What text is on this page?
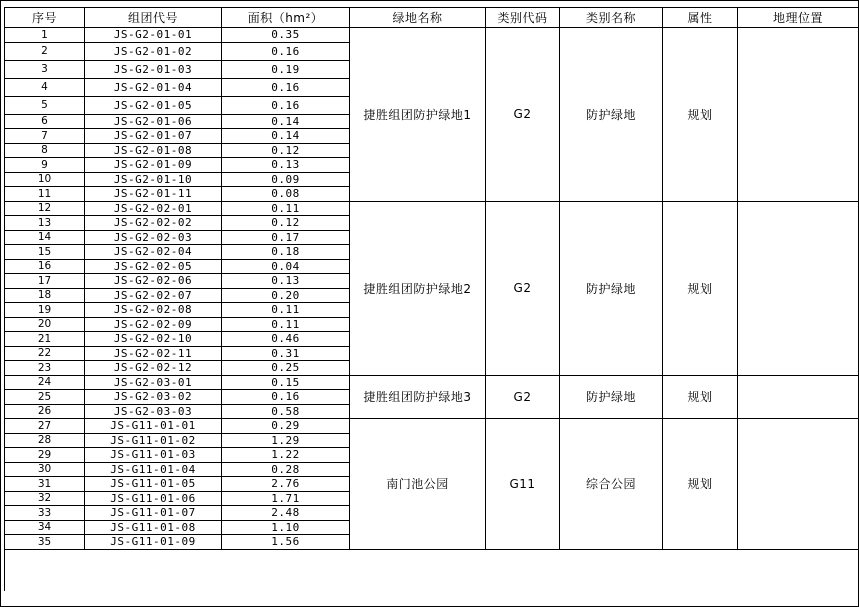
序号	组团代号	面积（hm²）	绿地名称	类别代码	类别名称	属性	地理位置
1	JS-G2-01-01	0.35	捷胜组团防护绿地1	G2	防护绿地	规划	
2	JS-G2-01-02	0.16					
3	JS-G2-01-03	0.19					
4	JS-G2-01-04	0.16					
5	JS-G2-01-05	0.16					
6	JS-G2-01-06	0.14					
7	JS-G2-01-07	0.14					
8	JS-G2-01-08	0.12					
9	JS-G2-01-09	0.13					
10	JS-G2-01-10	0.09					
11	JS-G2-01-11	0.08					
12	JS-G2-02-01	0.11	捷胜组团防护绿地2	G2	防护绿地	规划	
13	JS-G2-02-02	0.12					
14	JS-G2-02-03	0.17					
15	JS-G2-02-04	0.18					
16	JS-G2-02-05	0.04					
17	JS-G2-02-06	0.13					
18	JS-G2-02-07	0.20					
19	JS-G2-02-08	0.11					
20	JS-G2-02-09	0.11					
21	JS-G2-02-10	0.46					
22	JS-G2-02-11	0.31					
23	JS-G2-02-12	0.25					
24	JS-G2-03-01	0.15	捷胜组团防护绿地3	G2	防护绿地	规划	
25	JS-G2-03-02	0.16					
26	JS-G2-03-03	0.58					
27	JS-G11-01-01	0.29	南门池公园	G11	综合公园	规划	
28	JS-G11-01-02	1.29					
29	JS-G11-01-03	1.22					
30	JS-G11-01-04	0.28					
31	JS-G11-01-05	2.76					
32	JS-G11-01-06	1.71					
33	JS-G11-01-07	2.48					
34	JS-G11-01-08	1.10					
35	JS-G11-01-09	1.56					
